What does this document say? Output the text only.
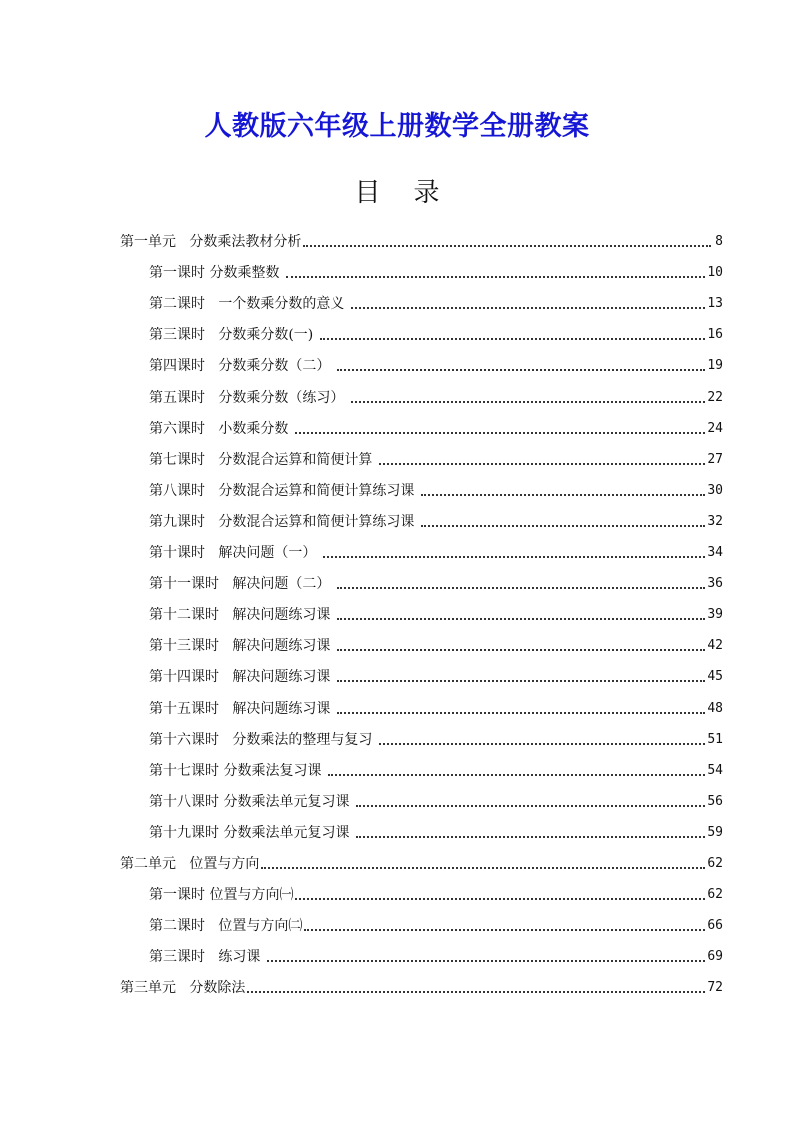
人教版六年级上册数学全册教案
目    录
第一单元   分数乘法教材分析	8
第一课时 分数乘整数	10
第二课时   一个数乘分数的意义	13
第三课时   分数乘分数(一)	16
第四课时   分数乘分数（二）	19
第五课时   分数乘分数（练习）	22
第六课时   小数乘分数	24
第七课时   分数混合运算和简便计算	27
第八课时   分数混合运算和简便计算练习课	30
第九课时   分数混合运算和简便计算练习课	32
第十课时   解决问题（一）	34
第十一课时   解决问题（二）	36
第十二课时   解决问题练习课	39
第十三课时   解决问题练习课	42
第十四课时   解决问题练习课	45
第十五课时   解决问题练习课	48
第十六课时   分数乘法的整理与复习	51
第十七课时 分数乘法复习课	54
第十八课时 分数乘法单元复习课	56
第十九课时 分数乘法单元复习课	59
第二单元   位置与方向	62
第一课时 位置与方向㈠	62
第二课时   位置与方向㈡	66
第三课时   练习课	69
第三单元   分数除法	72
